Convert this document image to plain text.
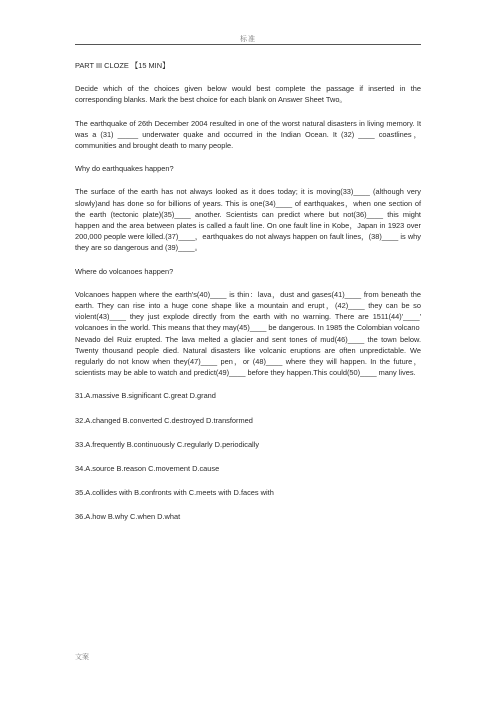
标准

PART III CLOZE 【15 MIN】

Decide which of the choices given below would best complete the passage if inserted in the corresponding blanks. Mark the best choice for each blank on Answer Sheet Two。

The earthquake of 26th December 2004 resulted in one of the worst natural disasters in living memory. It was a (31) _____ underwater quake and occurred in the Indian Ocean. It (32) ____ coastlines，communities and brought death to many people.

Why do earthquakes happen?

The surface of the earth has not always looked as it does today; it is moving(33)____ (although very slowly)and has done so for billions of years. This is one(34)____ of earthquakes，when one section of the earth (tectonic plate)(35)____ another. Scientists can predict where but not(36)____ this might happen and the area between plates is called a fault line. On one fault line in Kobe，Japan in 1923 over 200,000 people were killed.(37)____，earthquakes do not always happen on fault lines，(38)____ is why they are so dangerous and (39)____。

Where do volcanoes happen?

Volcanoes happen where the earth's(40)____ is thin：lava，dust and gases(41)____ from beneath the earth. They can rise into a huge cone shape like a mountain and erupt，(42)____ they can be so violent(43)____ they just explode directly from the earth with no warning. There are 1511(44)'____' volcanoes in the world. This means that they may(45)____ be dangerous. In 1985 the Colombian volcano

Nevado del Ruiz erupted. The lava melted a glacier and sent tones of mud(46)____ the town below. Twenty thousand people died. Natural disasters like volcanic eruptions are often unpredictable. We regularly do not know when they(47)____ pen，or (48)____ where they will happen. In the future，scientists may be able to watch and predict(49)____ before they happen.This could(50)____ many lives.

31.A.massive B.significant C.great D.grand

32.A.changed B.converted C.destroyed D.transformed

33.A.frequently B.continuously C.regularly D.periodically

34.A.source B.reason C.movement D.cause

35.A.collides with B.confronts with C.meets with D.faces with

36.A.how B.why C.when D.what

文案
